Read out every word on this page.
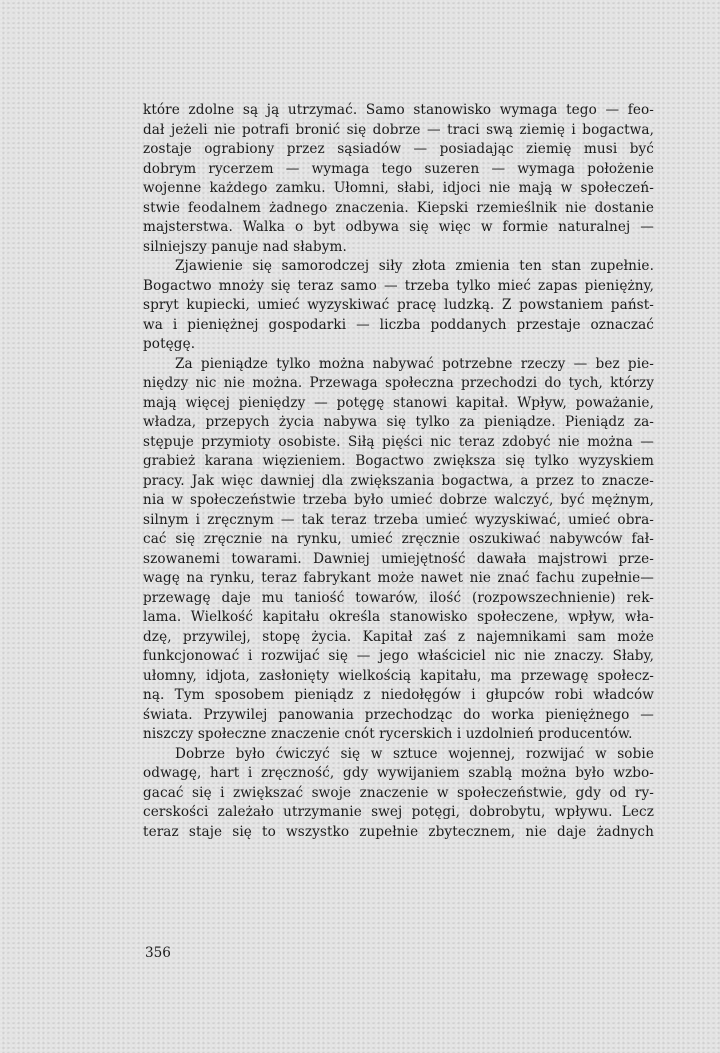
które zdolne są ją utrzymać. Samo stanowisko wymaga tego — feo-
dał jeżeli nie potrafi bronić się dobrze — traci swą ziemię i bogactwa,
zostaje ograbiony przez sąsiadów — posiadając ziemię musi być
dobrym rycerzem — wymaga tego suzeren — wymaga położenie
wojenne każdego zamku. Ułomni, słabi, idjoci nie mają w społeczeń-
stwie feodalnem żadnego znaczenia. Kiepski rzemieślnik nie dostanie
majsterstwa. Walka o byt odbywa się więc w formie naturalnej —
silniejszy panuje nad słabym.
Zjawienie się samorodczej siły złota zmienia ten stan zupełnie.
Bogactwo mnoży się teraz samo — trzeba tylko mieć zapas pieniężny,
spryt kupiecki, umieć wyzyskiwać pracę ludzką. Z powstaniem państ-
wa i pieniężnej gospodarki — liczba poddanych przestaje oznaczać
potęgę.
Za pieniądze tylko można nabywać potrzebne rzeczy — bez pie-
niędzy nic nie można. Przewaga społeczna przechodzi do tych, którzy
mają więcej pieniędzy — potęgę stanowi kapitał. Wpływ, poważanie,
władza, przepych życia nabywa się tylko za pieniądze. Pieniądz za-
stępuje przymioty osobiste. Siłą pięści nic teraz zdobyć nie można —
grabież karana więzieniem. Bogactwo zwiększa się tylko wyzyskiem
pracy. Jak więc dawniej dla zwiększania bogactwa, a przez to znacze-
nia w społeczeństwie trzeba było umieć dobrze walczyć, być mężnym,
silnym i zręcznym — tak teraz trzeba umieć wyzyskiwać, umieć obra-
cać się zręcznie na rynku, umieć zręcznie oszukiwać nabywców fał-
szowanemi towarami. Dawniej umiejętność dawała majstrowi prze-
wagę na rynku, teraz fabrykant może nawet nie znać fachu zupełnie—
przewagę daje mu taniość towarów, ilość (rozpowszechnienie) rek-
lama. Wielkość kapitału określa stanowisko społeczene, wpływ, wła-
dzę, przywilej, stopę życia. Kapitał zaś z najemnikami sam może
funkcjonować i rozwijać się — jego właściciel nic nie znaczy. Słaby,
ułomny, idjota, zasłonięty wielkością kapitału, ma przewagę społecz-
ną. Tym sposobem pieniądz z niedołęgów i głupców robi władców
świata. Przywilej panowania przechodząc do worka pieniężnego —
niszczy społeczne znaczenie cnót rycerskich i uzdolnień producentów.
Dobrze było ćwiczyć się w sztuce wojennej, rozwijać w sobie
odwagę, hart i zręczność, gdy wywijaniem szablą można było wzbo-
gacać się i zwiększać swoje znaczenie w społeczeństwie, gdy od ry-
cerskości zależało utrzymanie swej potęgi, dobrobytu, wpływu. Lecz
teraz staje się to wszystko zupełnie zbytecznem, nie daje żadnych
356
